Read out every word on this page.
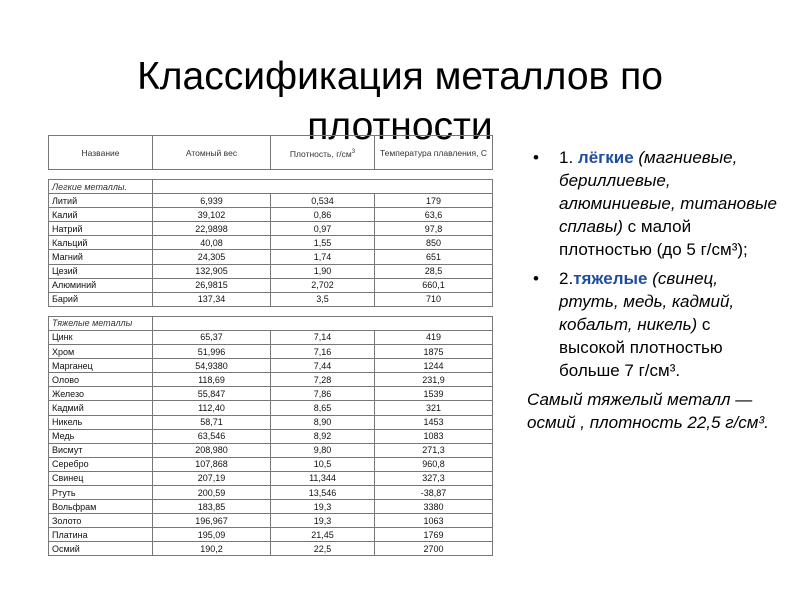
Классификация металлов по
плотности
Название	Атомный вес	Плотность, $г/см^3$	Температура плавления, С

Легкие металлы.			
Литий	6,939	0,534	179
Калий	39,102	0,86	63,6
Натрий	22,9898	0,97	97,8
Кальций	40,08	1,55	850
Магний	24,305	1,74	651
Цезий	132,905	1,90	28,5
Алюминий	26,9815	2,702	660,1
Барий	137,34	3,5	710

Тяжелые металлы			
Цинк	65,37	7,14	419
Хром	51,996	7,16	1875
Марганец	54,9380	7,44	1244
Олово	118,69	7,28	231,9
Железо	55,847	7,86	1539
Кадмий	112,40	8,65	321
Никель	58,71	8,90	1453
Медь	63,546	8,92	1083
Висмут	208,980	9,80	271,3
Серебро	107,868	10,5	960,8
Свинец	207,19	11,344	327,3
Ртуть	200,59	13,546	-38,87
Вольфрам	183,85	19,3	3380
Золото	196,967	19,3	1063
Платина	195,09	21,45	1769
Осмий	190,2	22,5	2700
• 1. лёгкие (магниевые, бериллиевые, алюминиевые, титановые сплавы) с малой плотностью (до 5 г/см³);
• 2.тяжелые (свинец, ртуть, медь, кадмий, кобальт, никель) с высокой плотностью больше 7 г/см³.
Самый тяжелый металл — осмий , плотность 22,5 г/см³.
